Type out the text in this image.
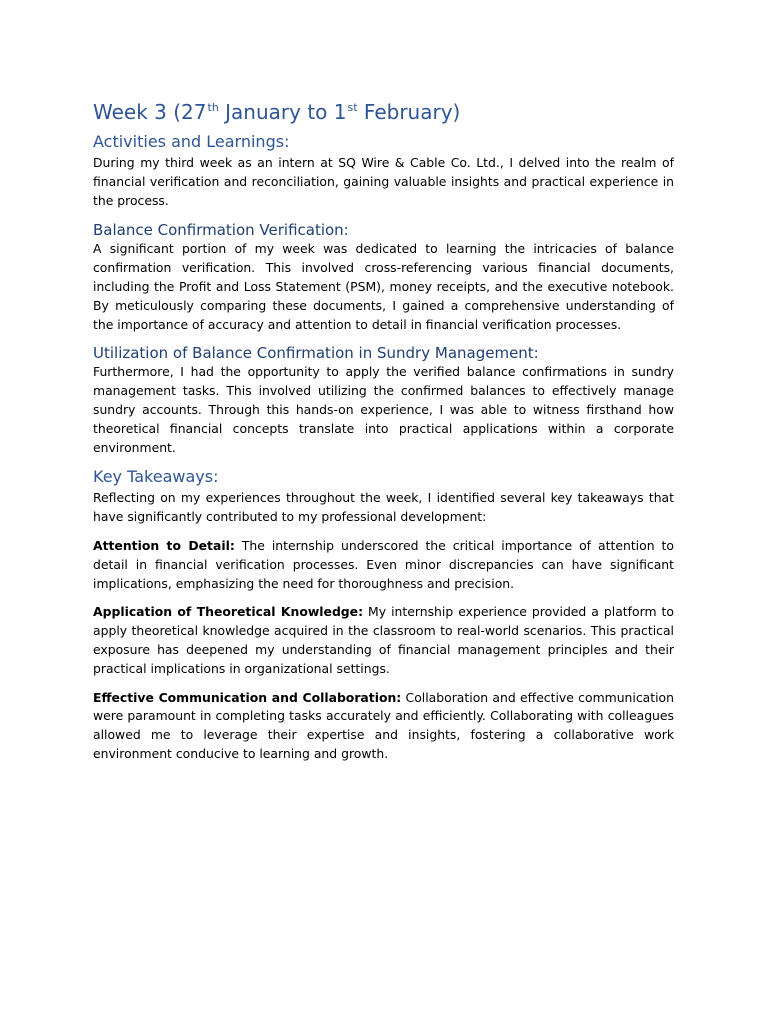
Week 3 (27th January to 1st February)
Activities and Learnings:

During my third week as an intern at SQ Wire & Cable Co. Ltd., I delved into the realm of financial verification and reconciliation, gaining valuable insights and practical experience in the process.

Balance Confirmation Verification:

A significant portion of my week was dedicated to learning the intricacies of balance confirmation verification. This involved cross-referencing various financial documents, including the Profit and Loss Statement (PSM), money receipts, and the executive notebook. By meticulously comparing these documents, I gained a comprehensive understanding of the importance of accuracy and attention to detail in financial verification processes.

Utilization of Balance Confirmation in Sundry Management:

Furthermore, I had the opportunity to apply the verified balance confirmations in sundry management tasks. This involved utilizing the confirmed balances to effectively manage sundry accounts. Through this hands-on experience, I was able to witness firsthand how theoretical financial concepts translate into practical applications within a corporate environment.

Key Takeaways:

Reflecting on my experiences throughout the week, I identified several key takeaways that have significantly contributed to my professional development:

Attention to Detail: The internship underscored the critical importance of attention to detail in financial verification processes. Even minor discrepancies can have significant implications, emphasizing the need for thoroughness and precision.

Application of Theoretical Knowledge: My internship experience provided a platform to apply theoretical knowledge acquired in the classroom to real-world scenarios. This practical exposure has deepened my understanding of financial management principles and their practical implications in organizational settings.

Effective Communication and Collaboration: Collaboration and effective communication were paramount in completing tasks accurately and efficiently. Collaborating with colleagues allowed me to leverage their expertise and insights, fostering a collaborative work environment conducive to learning and growth.
